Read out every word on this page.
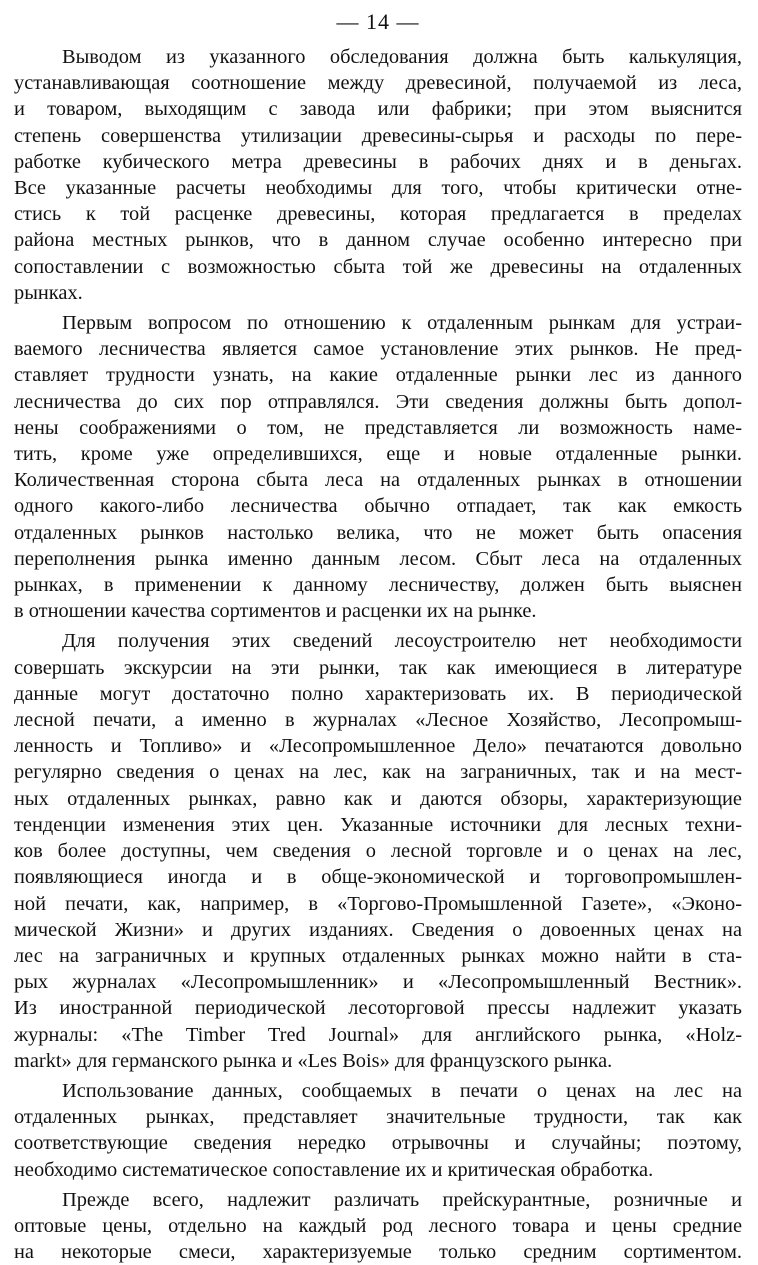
— 14 —

Выводом из указанного обследования должна быть калькуляция,
устанавливающая соотношение между древесиной, получаемой из леса,
и товаром, выходящим с завода или фабрики; при этом выяснится
степень совершенства утилизации древесины-сырья и расходы по пере-
работке кубического метра древесины в рабочих днях и в деньгах.
Все указанные расчеты необходимы для того, чтобы критически отне-
стись к той расценке древесины, которая предлагается в пределах
района местных рынков, что в данном случае особенно интересно при
сопоставлении с возможностью сбыта той же древесины на отдаленных
рынках.

Первым вопросом по отношению к отдаленным рынкам для устраи-
ваемого лесничества является самое установление этих рынков. Не пред-
ставляет трудности узнать, на какие отдаленные рынки лес из данного
лесничества до сих пор отправлялся. Эти сведения должны быть допол-
нены соображениями о том, не представляется ли возможность наме-
тить, кроме уже определившихся, еще и новые отдаленные рынки.
Количественная сторона сбыта леса на отдаленных рынках в отношении
одного какого-либо лесничества обычно отпадает, так как емкость
отдаленных рынков настолько велика, что не может быть опасения
переполнения рынка именно данным лесом. Сбыт леса на отдаленных
рынках, в применении к данному лесничеству, должен быть выяснен
в отношении качества сортиментов и расценки их на рынке.

Для получения этих сведений лесоустроителю нет необходимости
совершать экскурсии на эти рынки, так как имеющиеся в литературе
данные могут достаточно полно характеризовать их. В периодической
лесной печати, а именно в журналах «Лесное Хозяйство, Лесопромыш-
ленность и Топливо» и «Лесопромышленное Дело» печатаются довольно
регулярно сведения о ценах на лес, как на заграничных, так и на мест-
ных отдаленных рынках, равно как и даются обзоры, характеризующие
тенденции изменения этих цен. Указанные источники для лесных техни-
ков более доступны, чем сведения о лесной торговле и о ценах на лес,
появляющиеся иногда и в обще-экономической и торговопромышлен-
ной печати, как, например, в «Торгово-Промышленной Газете», «Эконо-
мической Жизни» и других изданиях. Сведения о довоенных ценах на
лес на заграничных и крупных отдаленных рынках можно найти в ста-
рых журналах «Лесопромышленник» и «Лесопромышленный Вестник».
Из иностранной периодической лесоторговой прессы надлежит указать
журналы: «The Timber Tred Journal» для английского рынка, «Holz-
markt» для германского рынка и «Les Bois» для французского рынка.

Использование данных, сообщаемых в печати о ценах на лес на
отдаленных рынках, представляет значительные трудности, так как
соответствующие сведения нередко отрывочны и случайны; поэтому,
необходимо систематическое сопоставление их и критическая обработка.

Прежде всего, надлежит различать прейскурантные, розничные и
оптовые цены, отдельно на каждый род лесного товара и цены средние
на некоторые смеси, характеризуемые только средним сортиментом.
